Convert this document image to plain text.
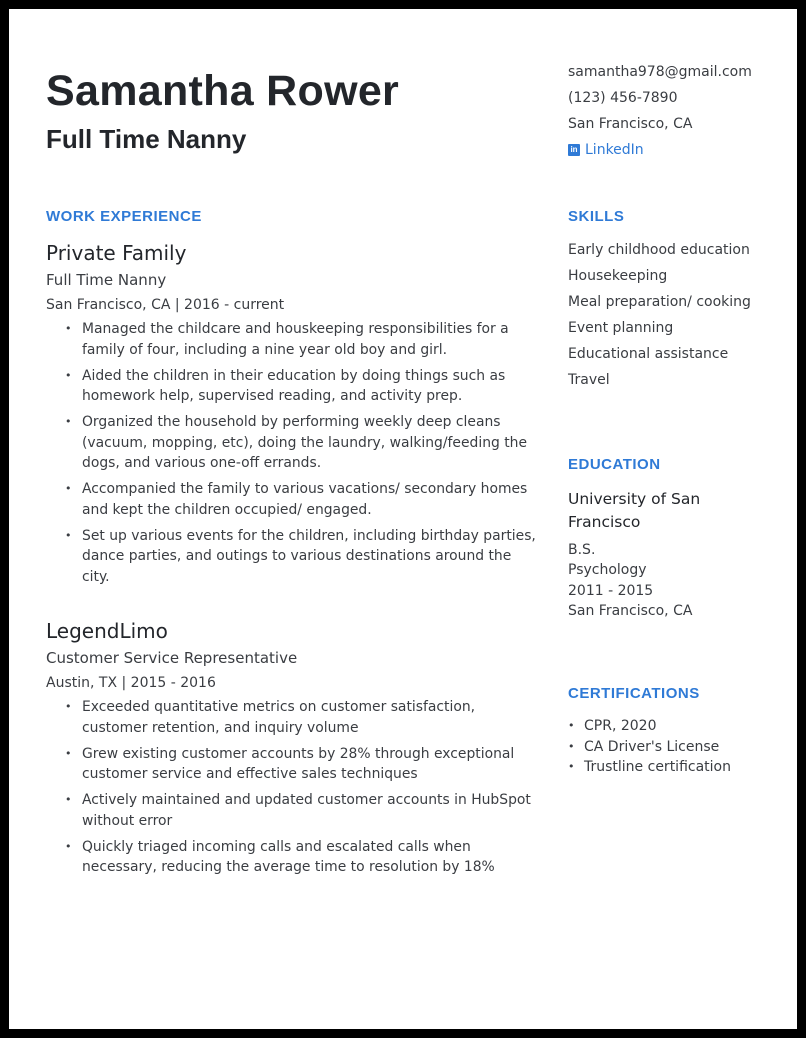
Samantha Rower
Full Time Nanny
samantha978@gmail.com
(123) 456-7890
San Francisco, CA
in LinkedIn
WORK EXPERIENCE
Private Family
Full Time Nanny
San Francisco, CA | 2016 - current
• Managed the childcare and houskeeping responsibilities for a family of four, including a nine year old boy and girl.
• Aided the children in their education by doing things such as homework help, supervised reading, and activity prep.
• Organized the household by performing weekly deep cleans (vacuum, mopping, etc), doing the laundry, walking/feeding the dogs, and various one-off errands.
• Accompanied the family to various vacations/ secondary homes and kept the children occupied/ engaged.
• Set up various events for the children, including birthday parties, dance parties, and outings to various destinations around the city.
LegendLimo
Customer Service Representative
Austin, TX | 2015 - 2016
• Exceeded quantitative metrics on customer satisfaction, customer retention, and inquiry volume
• Grew existing customer accounts by 28% through exceptional customer service and effective sales techniques
• Actively maintained and updated customer accounts in HubSpot without error
• Quickly triaged incoming calls and escalated calls when necessary, reducing the average time to resolution by 18%
SKILLS
Early childhood education
Housekeeping
Meal preparation/ cooking
Event planning
Educational assistance
Travel
EDUCATION
University of San Francisco
B.S.
Psychology
2011 - 2015
San Francisco, CA
CERTIFICATIONS
• CPR, 2020
• CA Driver's License
• Trustline certification
